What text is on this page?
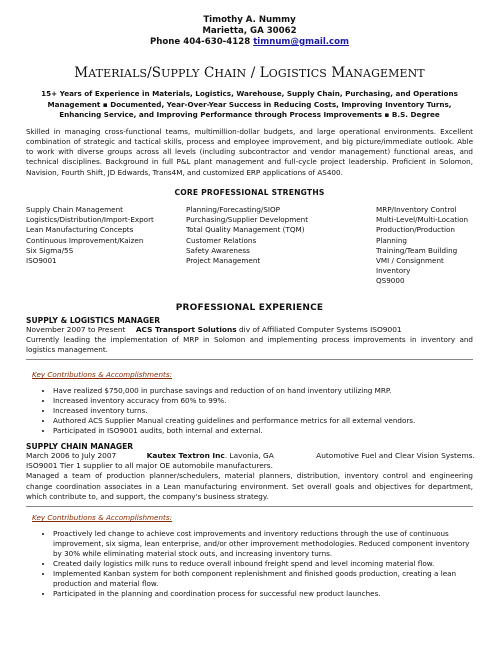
Timothy A. Nummy
Marietta, GA 30062
Phone 404-630-4128 timnum@gmail.com
MATERIALS/SUPPLY CHAIN / LOGISTICS MANAGEMENT
15+ Years of Experience in Materials, Logistics, Warehouse, Supply Chain, Purchasing, and Operations
Management ▪ Documented, Year-Over-Year Success in Reducing Costs, Improving Inventory Turns,
Enhancing Service, and Improving Performance through Process Improvements ▪ B.S. Degree
Skilled in managing cross-functional teams, multimillion-dollar budgets, and large operational environments. Excellent combination of strategic and tactical skills, process and employee improvement, and big picture/immediate outlook. Able to work with diverse groups across all levels (including subcontractor and vendor management) functional areas, and technical disciplines. Background in full P&L plant management and full-cycle project leadership. Proficient in Solomon, Navision, Fourth Shift, JD Edwards, Trans4M, and customized ERP applications of AS400.
CORE PROFESSIONAL STRENGTHS
Supply Chain Management
Logistics/Distribution/Import-Export
Lean Manufacturing Concepts
Continuous Improvement/Kaizen
Six Sigma/5S
ISO9001
Planning/Forecasting/SIOP
Purchasing/Supplier Development
Total Quality Management (TQM)
Customer Relations
Safety Awareness
Project Management
MRP/Inventory Control
Multi-Level/Multi-Location
Production/Production Planning
Training/Team Building
VMI / Consignment Inventory
QS9000
PROFESSIONAL EXPERIENCE
SUPPLY & LOGISTICS MANAGER
November 2007 to Present ACS Transport Solutions div of Affiliated Computer Systems ISO9001
Currently leading the implementation of MRP in Solomon and implementing process improvements in inventory and logistics management.
Key Contributions & Accomplishments:
• Have realized $750,000 in purchase savings and reduction of on hand inventory utilizing MRP.
• Increased inventory accuracy from 60% to 99%.
• Increased inventory turns.
• Authored ACS Supplier Manual creating guidelines and performance metrics for all external vendors.
• Participated in ISO9001 audits, both internal and external.
SUPPLY CHAIN MANAGER
March 2006 to July 2007	Kautex Textron Inc. Lavonia, GA	Automotive Fuel and Clear Vision Systems.
ISO9001 Tier 1 supplier to all major OE automobile manufacturers.
Managed a team of production planner/schedulers, material planners, distribution, inventory control and engineering change coordination associates in a Lean manufacturing environment. Set overall goals and objectives for department, which contribute to, and support, the company's business strategy.
Key Contributions & Accomplishments:
• Proactively led change to achieve cost improvements and inventory reductions through the use of continuous improvement, six sigma, lean enterprise, and/or other improvement methodologies. Reduced component inventory by 30% while eliminating material stock outs, and increasing inventory turns.
• Created daily logistics milk runs to reduce overall inbound freight spend and level incoming material flow.
• Implemented Kanban system for both component replenishment and finished goods production, creating a lean production and material flow.
• Participated in the planning and coordination process for successful new product launches.
